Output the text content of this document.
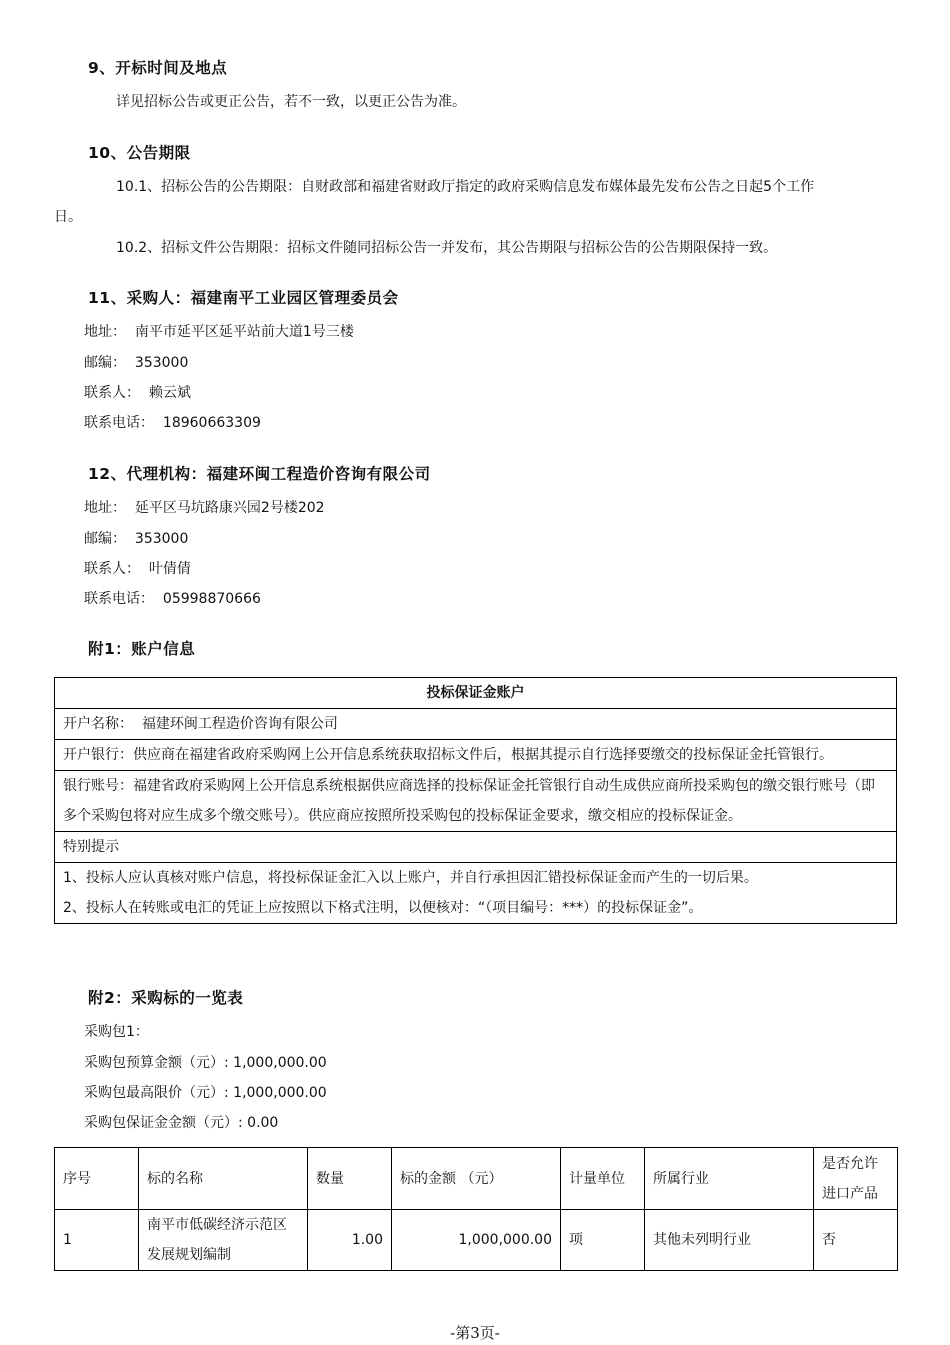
9、开标时间及地点
详见招标公告或更正公告，若不一致，以更正公告为准。
10、公告期限
10.1、招标公告的公告期限：自财政部和福建省财政厅指定的政府采购信息发布媒体最先发布公告之日起5个工作
日。
10.2、招标文件公告期限：招标文件随同招标公告一并发布，其公告期限与招标公告的公告期限保持一致。
11、采购人：福建南平工业园区管理委员会
地址： 南平市延平区延平站前大道1号三楼
邮编： 353000
联系人： 赖云斌
联系电话： 18960663309
12、代理机构：福建环闽工程造价咨询有限公司
地址： 延平区马坑路康兴园2号楼202
邮编： 353000
联系人： 叶倩倩
联系电话： 05998870666
附1：账户信息
投标保证金账户
开户名称： 福建环闽工程造价咨询有限公司
开户银行：供应商在福建省政府采购网上公开信息系统获取招标文件后，根据其提示自行选择要缴交的投标保证金托管银行。
银行账号：福建省政府采购网上公开信息系统根据供应商选择的投标保证金托管银行自动生成供应商所投采购包的缴交银行账号（即多个采购包将对应生成多个缴交账号）。供应商应按照所投采购包的投标保证金要求，缴交相应的投标保证金。
特别提示

1、投标人应认真核对账户信息，将投标保证金汇入以上账户，并自行承担因汇错投标保证金而产生的一切后果。
2、投标人在转账或电汇的凭证上应按照以下格式注明，以便核对：“（项目编号：***）的投标保证金”。
附2：采购标的一览表
采购包1：
采购包预算金额（元）: 1,000,000.00
采购包最高限价（元）: 1,000,000.00
采购包保证金金额（元）: 0.00
序号	标的名称	数量	标的金额 （元）	计量单位	所属行业	是否允许进口产品
1	南平市低碳经济示范区发展规划编制	1.00	1,000,000.00	项	其他未列明行业	否
-第3页-
